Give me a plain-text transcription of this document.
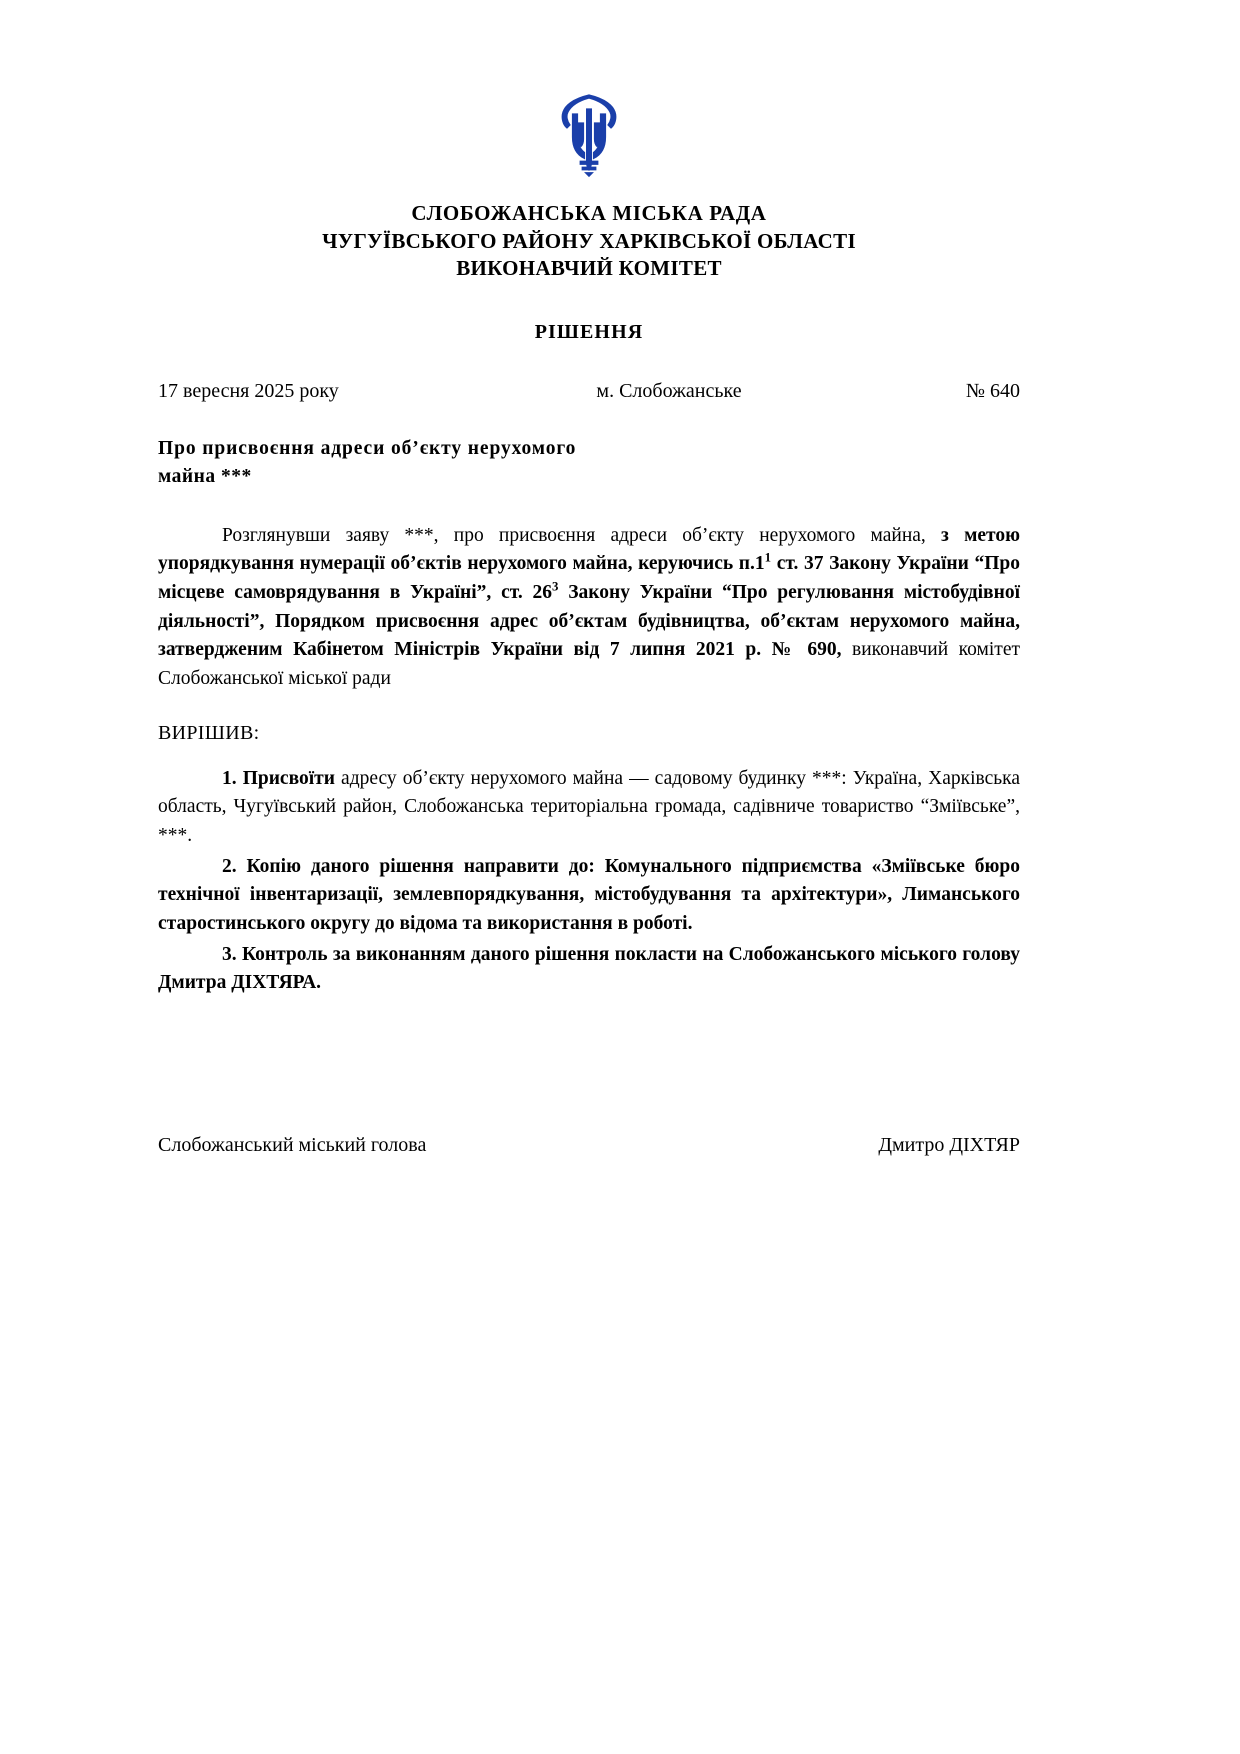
СЛОБОЖАНСЬКА МІСЬКА РАДА
ЧУГУЇВСЬКОГО РАЙОНУ ХАРКІВСЬКОЇ ОБЛАСТІ
ВИКОНАВЧИЙ КОМІТЕТ
РІШЕННЯ
17 вересня 2025 року	м. Слобожанське	№ 640
Про присвоєння адреси об’єкту нерухомого
майна ***
Розглянувши заяву ***, про присвоєння адреси об’єкту нерухомого майна, з метою упорядкування нумерації об’єктів нерухомого майна, керуючись $п.1^1$ ст. 37 Закону України “Про місцеве самоврядування в Україні”, ст. $26^3$ Закону України “Про регулювання містобудівної діяльності”, Порядком присвоєння адрес об’єктам будівництва, об’єктам нерухомого майна, затвердженим Кабінетом Міністрів України від 7 липня 2021 р. № 690, виконавчий комітет Слобожанської міської ради
ВИРІШИВ:
1. Присвоїти адресу об’єкту нерухомого майна — садовому будинку ***: Україна, Харківська область, Чугуївський район, Слобожанська територіальна громада, садівниче товариство “Зміївське”, ***.
2. Копію даного рішення направити до: Комунального підприємства «Зміївське бюро технічної інвентаризації, землевпорядкування, містобудування та архітектури», Лиманського старостинського округу до відома та використання в роботі.
3. Контроль за виконанням даного рішення покласти на Слобожанського міського голову Дмитра ДІХТЯРА.
Слобожанський міський голова	Дмитро ДІХТЯР
